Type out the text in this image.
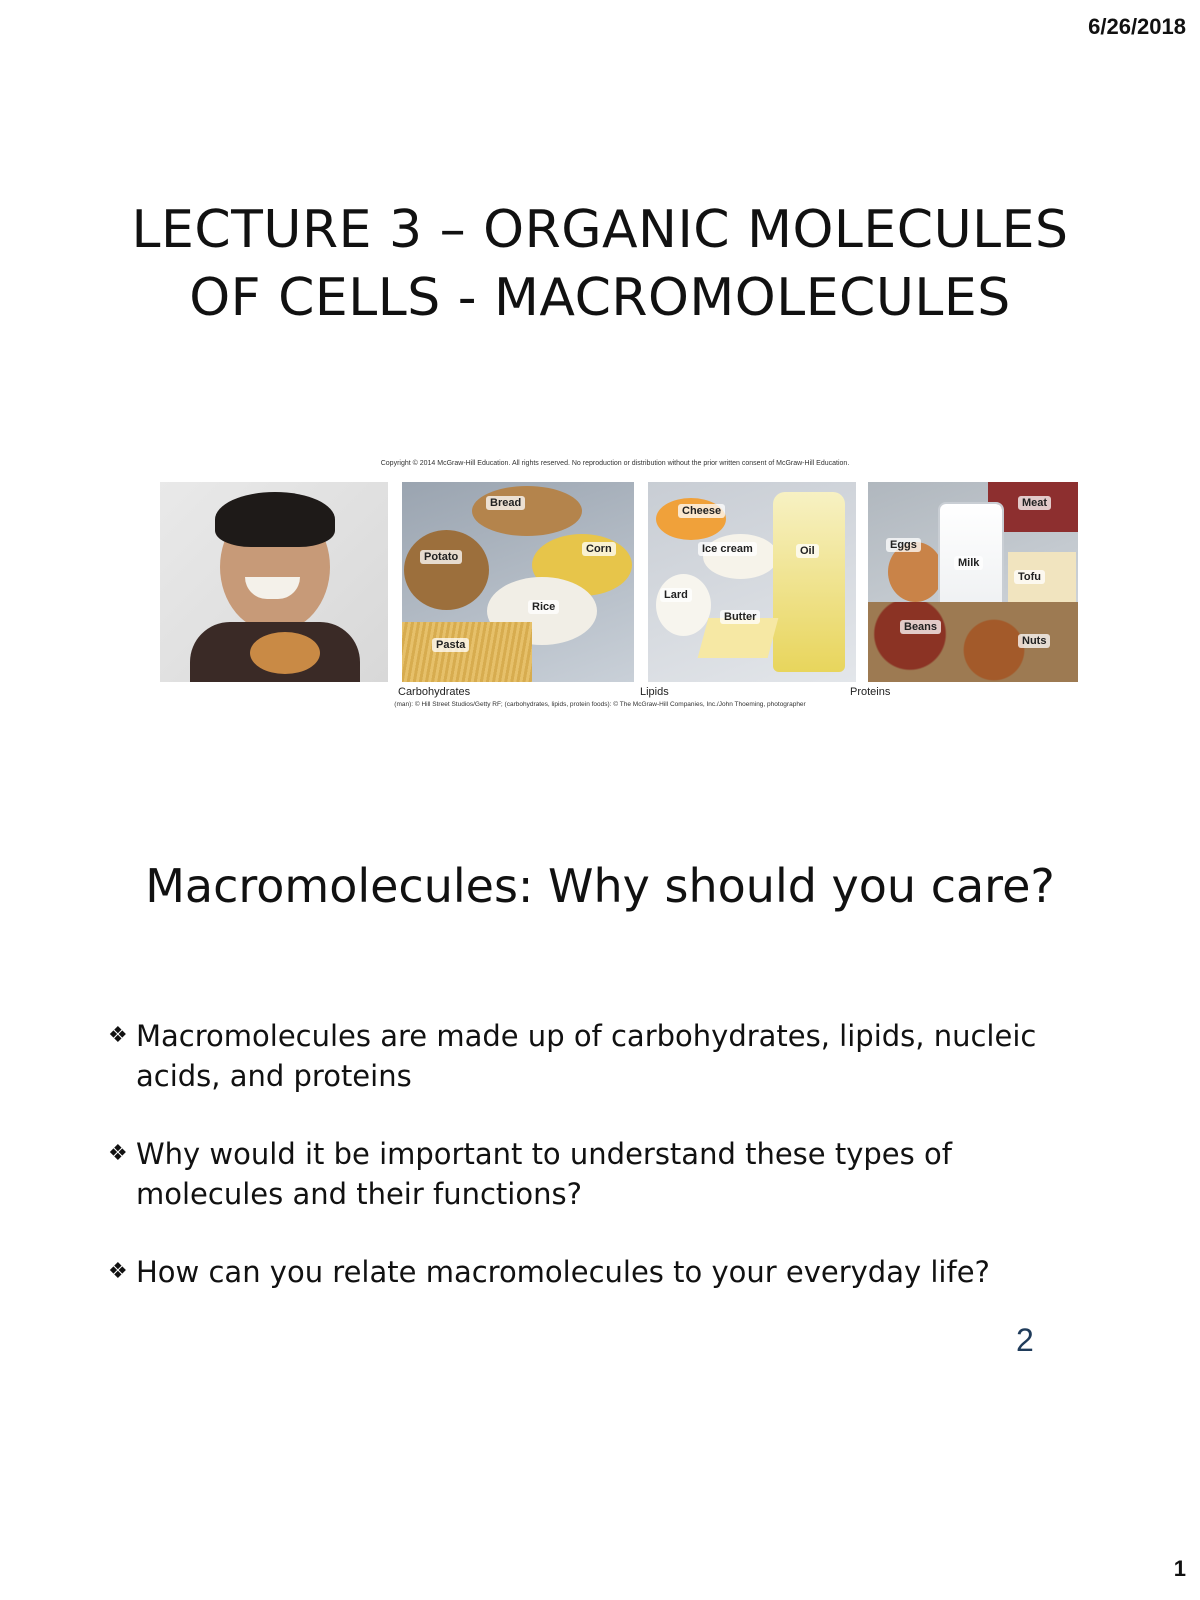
6/26/2018
LECTURE 3 – ORGANIC MOLECULES OF CELLS - MACROMOLECULES
Copyright © 2014 McGraw-Hill Education. All rights reserved. No reproduction or distribution without the prior written consent of McGraw-Hill Education.
Bread
Potato
Corn
Rice
Pasta
Cheese
Ice cream	Oil
Lard
Butter
Meat
Eggs
Milk
Tofu
Beans
Nuts
Carbohydrates	Lipids	Proteins
(man): © Hill Street Studios/Getty RF; (carbohydrates, lipids, protein foods): © The McGraw-Hill Companies, Inc./John Thoeming, photographer
Macromolecules: Why should you care?
❖ Macromolecules are made up of carbohydrates, lipids, nucleic acids, and proteins
❖ Why would it be important to understand these types of molecules and their functions?
❖ How can you relate macromolecules to your everyday life?
2
1
